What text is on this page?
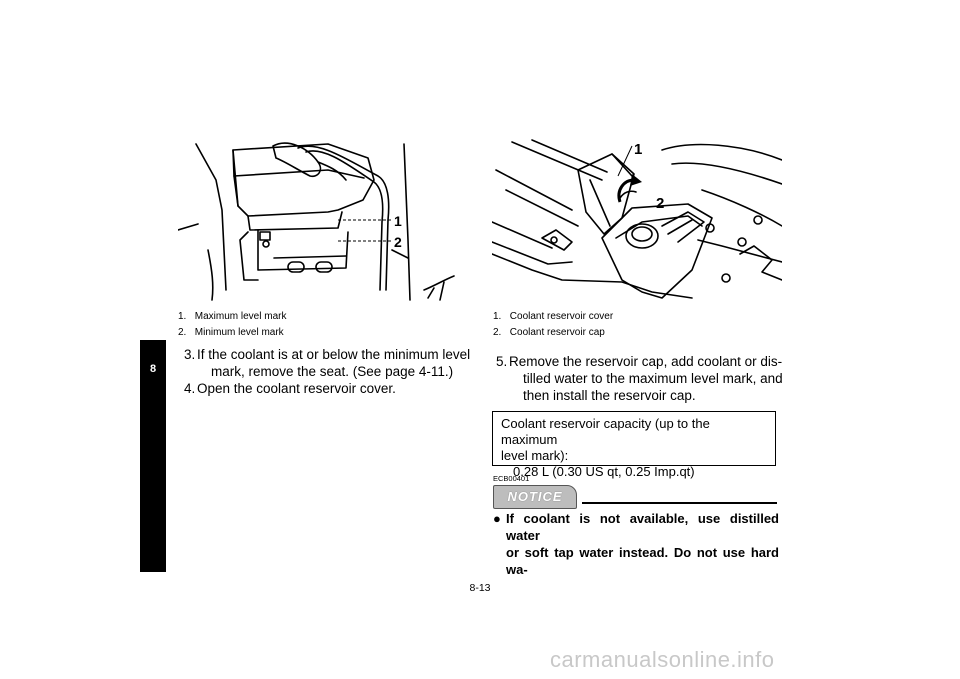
8
1
2
1. Maximum level mark
2. Minimum level mark
1
2
1. Coolant reservoir cover
2. Coolant reservoir cap
3. If the coolant is at or below the minimum level
mark, remove the seat. (See page 4-11.)
4. Open the coolant reservoir cover.
5. Remove the reservoir cap, add coolant or dis-
tilled water to the maximum level mark, and
then install the reservoir cap.
Coolant reservoir capacity (up to the maximum
level mark):
0.28 L (0.30 US qt, 0.25 Imp.qt)
ECB00401
NOTICE
● If coolant is not available, use distilled water
or soft tap water instead. Do not use hard wa-
8-13
carmanualsonline.info
